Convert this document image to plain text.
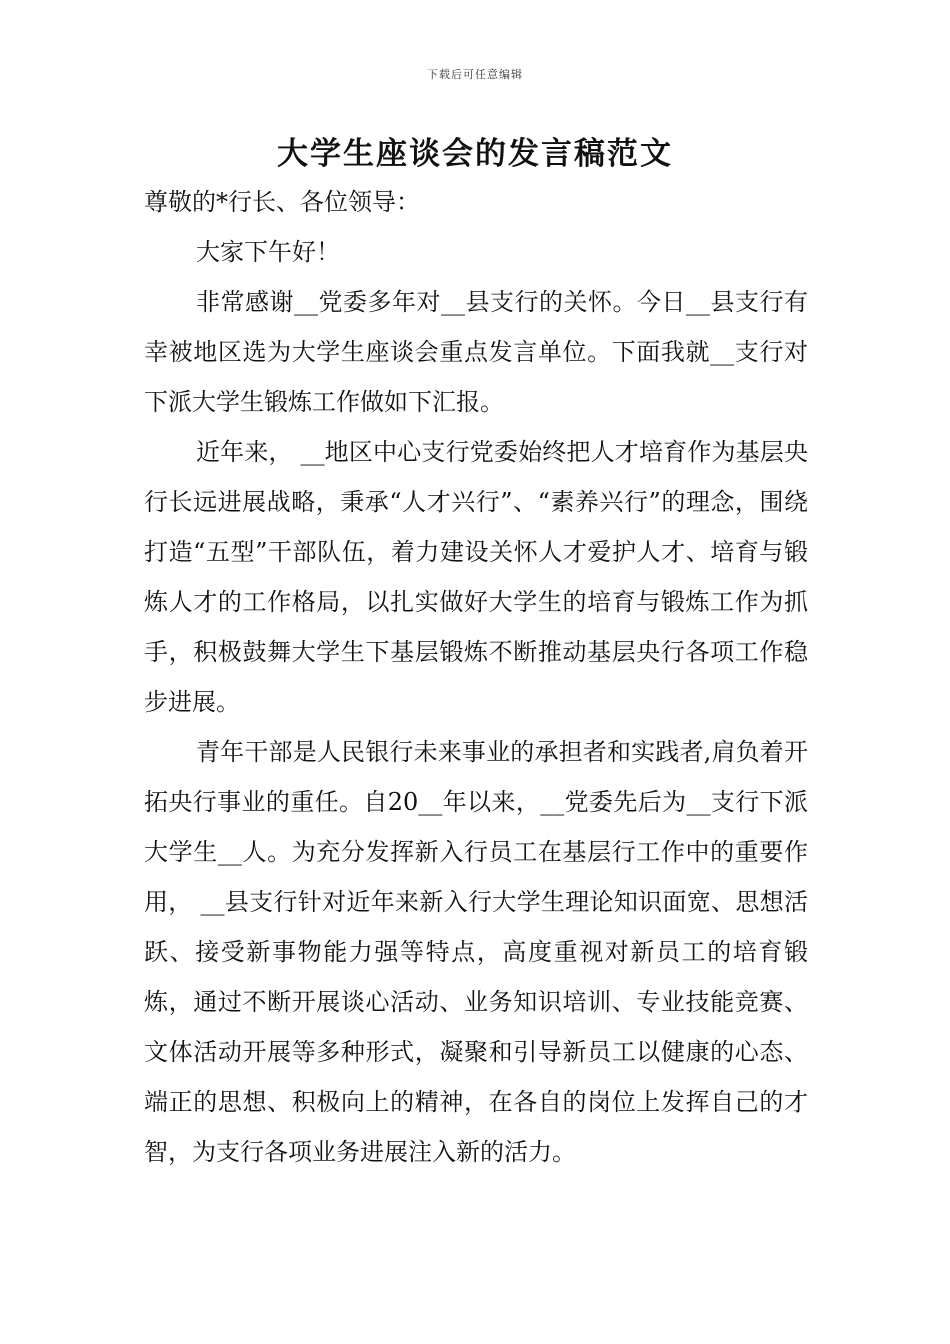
下载后可任意编辑
大学生座谈会的发言稿范文

尊敬的*行长、各位领导：

大家下午好！

非常感谢__党委多年对__县支行的关怀。今日__县支行有幸被地区选为大学生座谈会重点发言单位。下面我就__支行对下派大学生锻炼工作做如下汇报。

近年来， __地区中心支行党委始终把人才培育作为基层央行长远进展战略，秉承“人才兴行”、“素养兴行”的理念，围绕打造“五型”干部队伍，着力建设关怀人才爱护人才、培育与锻炼人才的工作格局，以扎实做好大学生的培育与锻炼工作为抓手，积极鼓舞大学生下基层锻炼不断推动基层央行各项工作稳步进展。

青年干部是人民银行未来事业的承担者和实践者,肩负着开拓央行事业的重任。自20__年以来，__党委先后为__支行下派大学生__人。为充分发挥新入行员工在基层行工作中的重要作用， __县支行针对近年来新入行大学生理论知识面宽、思想活跃、接受新事物能力强等特点，高度重视对新员工的培育锻炼，通过不断开展谈心活动、业务知识培训、专业技能竞赛、文体活动开展等多种形式，凝聚和引导新员工以健康的心态、端正的思想、积极向上的精神，在各自的岗位上发挥自己的才智，为支行各项业务进展注入新的活力。
